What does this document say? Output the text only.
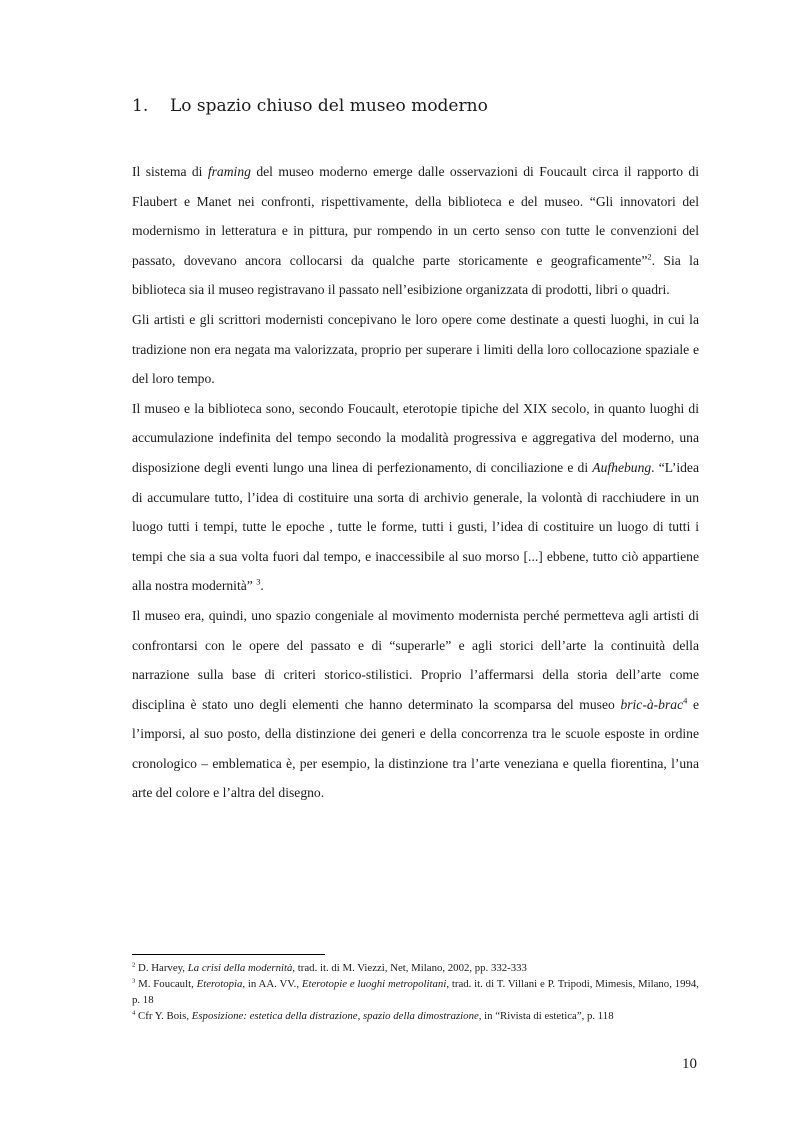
1. Lo spazio chiuso del museo moderno

Il sistema di framing del museo moderno emerge dalle osservazioni di Foucault circa il rapporto di Flaubert e Manet nei confronti, rispettivamente, della biblioteca e del museo. “Gli innovatori del modernismo in letteratura e in pittura, pur rompendo in un certo senso con tutte le convenzioni del passato, dovevano ancora collocarsi da qualche parte storicamente e geograficamente”$^2$. Sia la biblioteca sia il museo registravano il passato nell’esibizione organizzata di prodotti, libri o quadri.

Gli artisti e gli scrittori modernisti concepivano le loro opere come destinate a questi luoghi, in cui la tradizione non era negata ma valorizzata, proprio per superare i limiti della loro collocazione spaziale e del loro tempo.

Il museo e la biblioteca sono, secondo Foucault, eterotopie tipiche del XIX secolo, in quanto luoghi di accumulazione indefinita del tempo secondo la modalità progressiva e aggregativa del moderno, una disposizione degli eventi lungo una linea di perfezionamento, di conciliazione e di Aufhebung. “L’idea di accumulare tutto, l’idea di costituire una sorta di archivio generale, la volontà di racchiudere in un luogo tutti i tempi, tutte le epoche , tutte le forme, tutti i gusti, l’idea di costituire un luogo di tutti i tempi che sia a sua volta fuori dal tempo, e inaccessibile al suo morso [...] ebbene, tutto ciò appartiene alla nostra modernità” $^3$.

Il museo era, quindi, uno spazio congeniale al movimento modernista perché permetteva agli artisti di confrontarsi con le opere del passato e di “superarle” e agli storici dell’arte la continuità della narrazione sulla base di criteri storico-stilistici. Proprio l’affermarsi della storia dell’arte come disciplina è stato uno degli elementi che hanno determinato la scomparsa del museo bric-à-brac$^4$ e l’imporsi, al suo posto, della distinzione dei generi e della concorrenza tra le scuole esposte in ordine cronologico – emblematica è, per esempio, la distinzione tra l’arte veneziana e quella fiorentina, l’una arte del colore e l’altra del disegno.

$^2$ D. Harvey, La crisi della modernità, trad. it. di M. Viezzi, Net, Milano, 2002, pp. 332-333

$^3$ M. Foucault, Eterotopia, in AA. VV., Eterotopie e luoghi metropolitani, trad. it. di T. Villani e P. Tripodi, Mimesis, Milano, 1994, p. 18

$^4$ Cfr Y. Bois, Esposizione: estetica della distrazione, spazio della dimostrazione, in “Rivista di estetica”, p. 118

10
